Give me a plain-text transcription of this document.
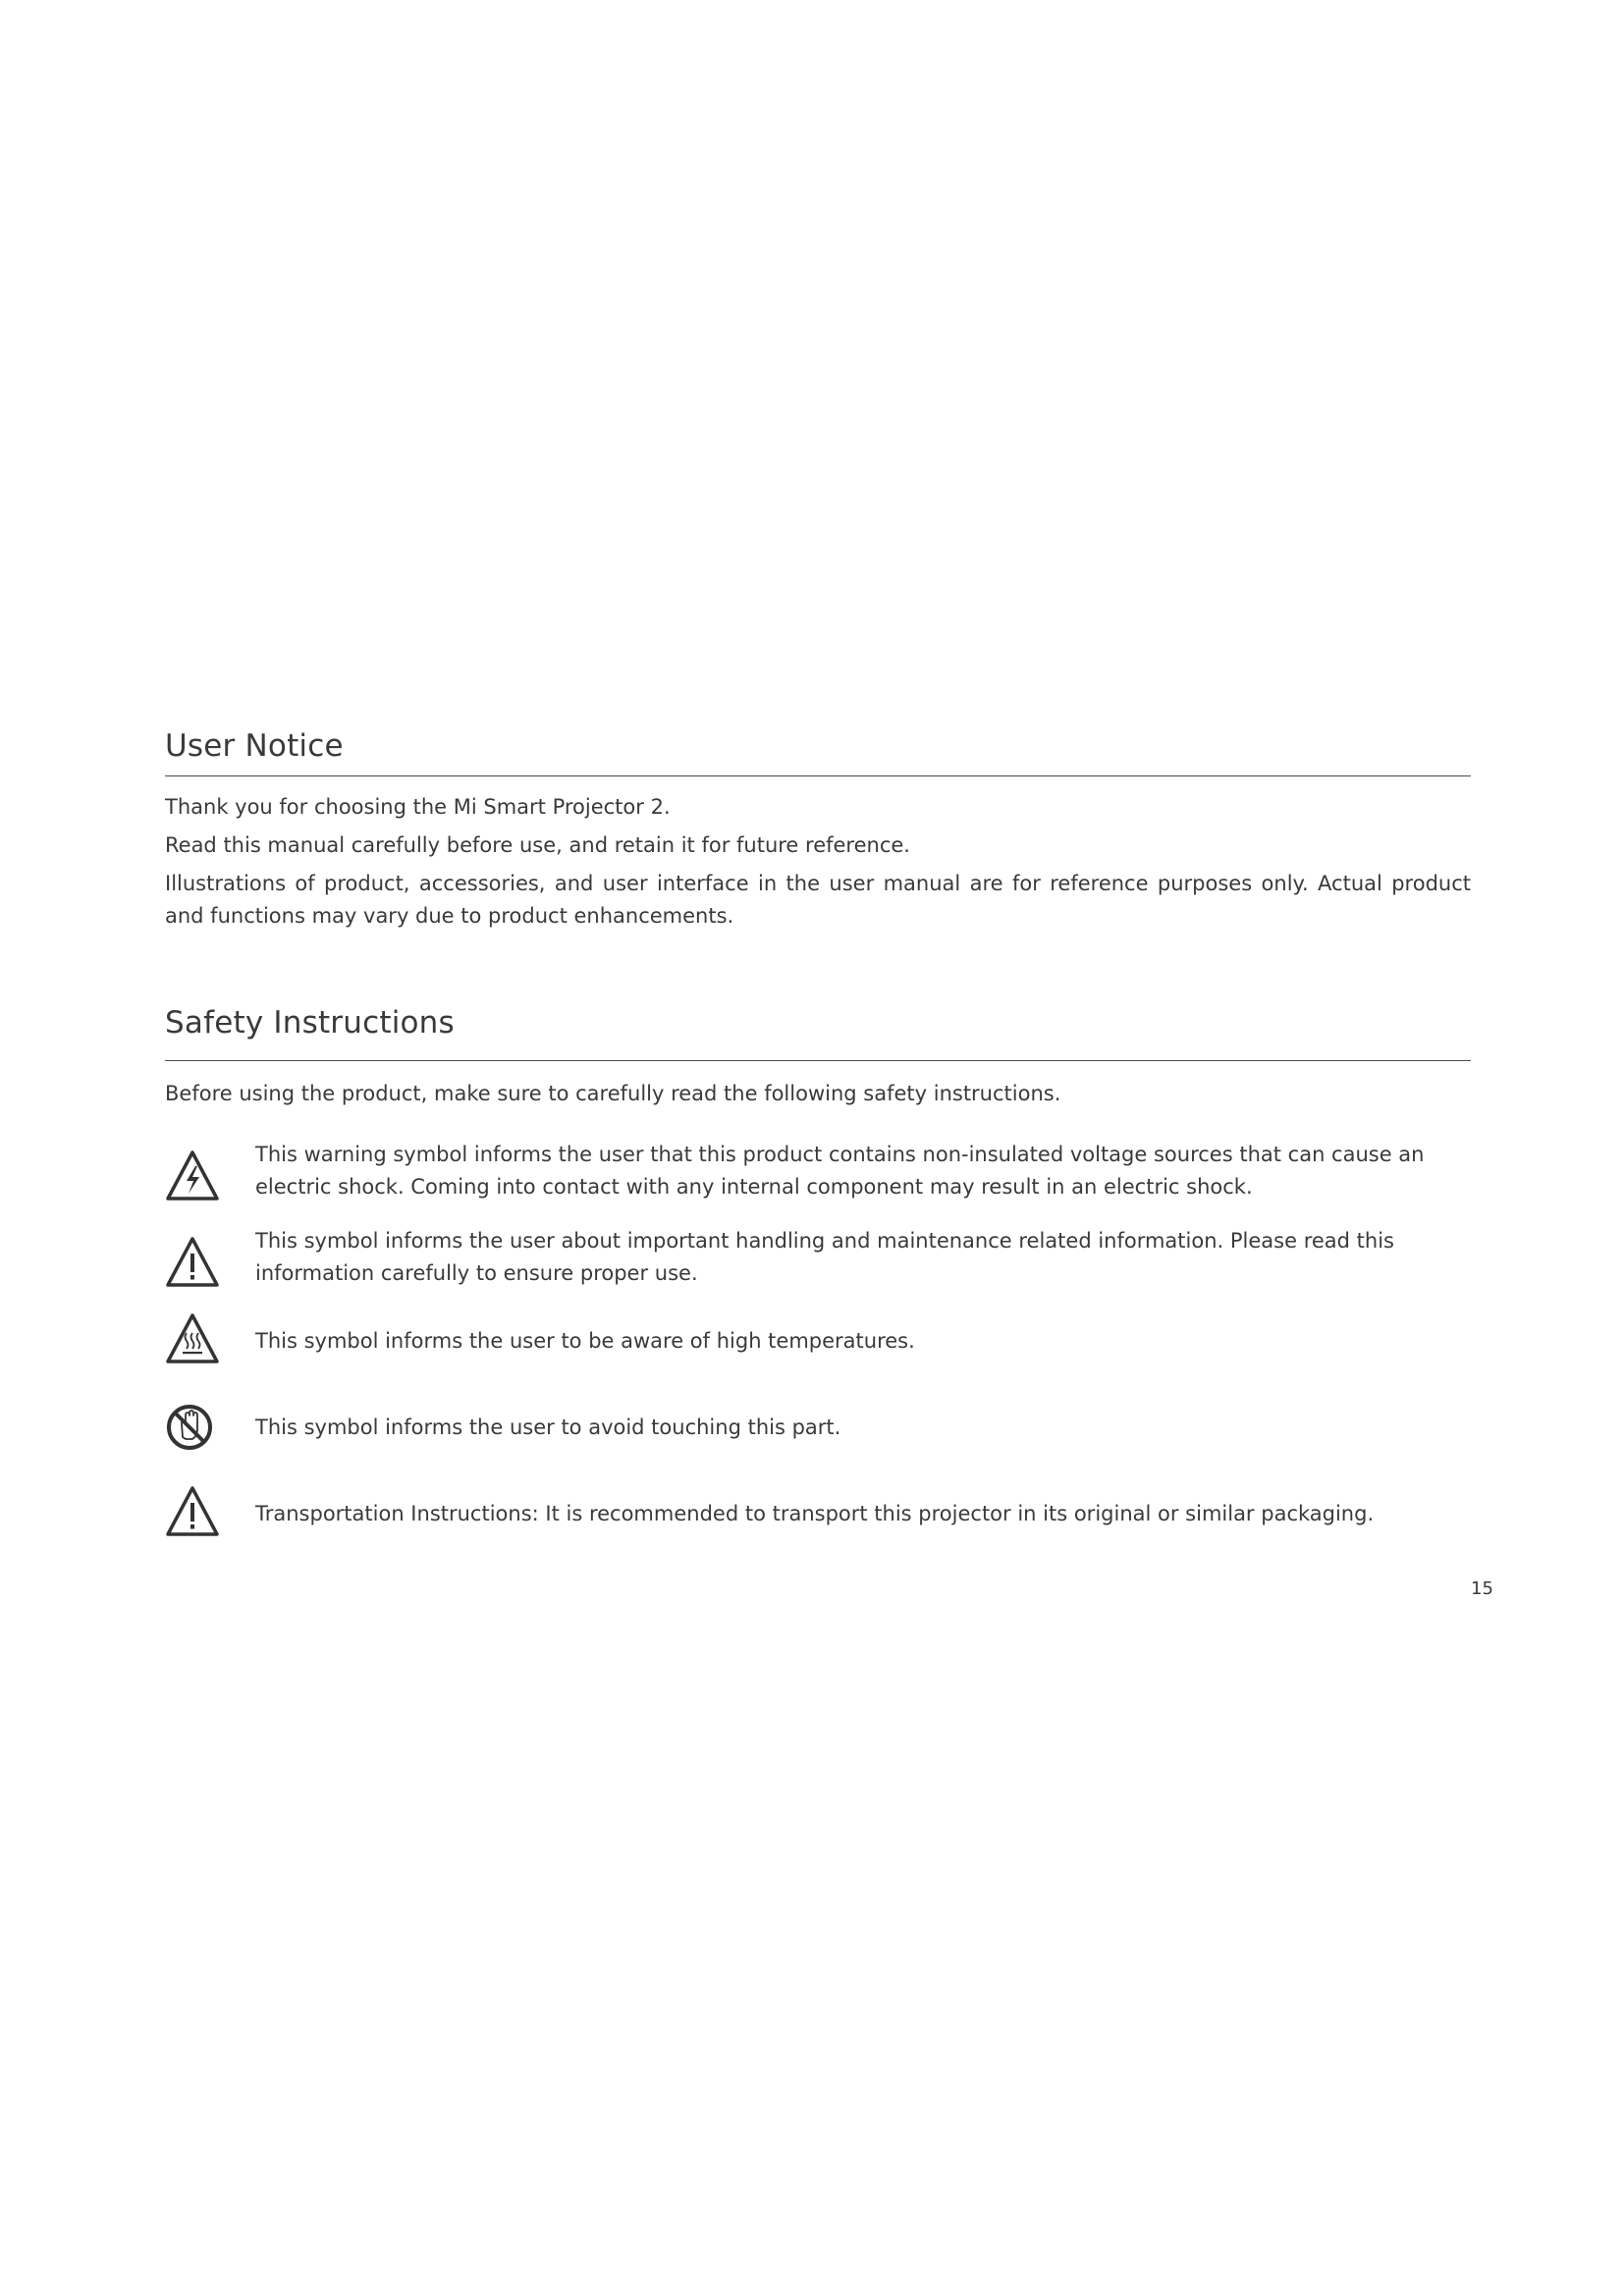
User Notice

Thank you for choosing the Mi Smart Projector 2.

Read this manual carefully before use, and retain it for future reference.

Illustrations of product, accessories, and user interface in the user manual are for reference purposes only. Actual product and functions may vary due to product enhancements.

Safety Instructions

Before using the product, make sure to carefully read the following safety instructions.

This warning symbol informs the user that this product contains non-insulated voltage sources that can cause an electric shock. Coming into contact with any internal component may result in an electric shock.

This symbol informs the user about important handling and maintenance related information. Please read this information carefully to ensure proper use.

This symbol informs the user to be aware of high temperatures.

This symbol informs the user to avoid touching this part.

Transportation Instructions: It is recommended to transport this projector in its original or similar packaging.

15
